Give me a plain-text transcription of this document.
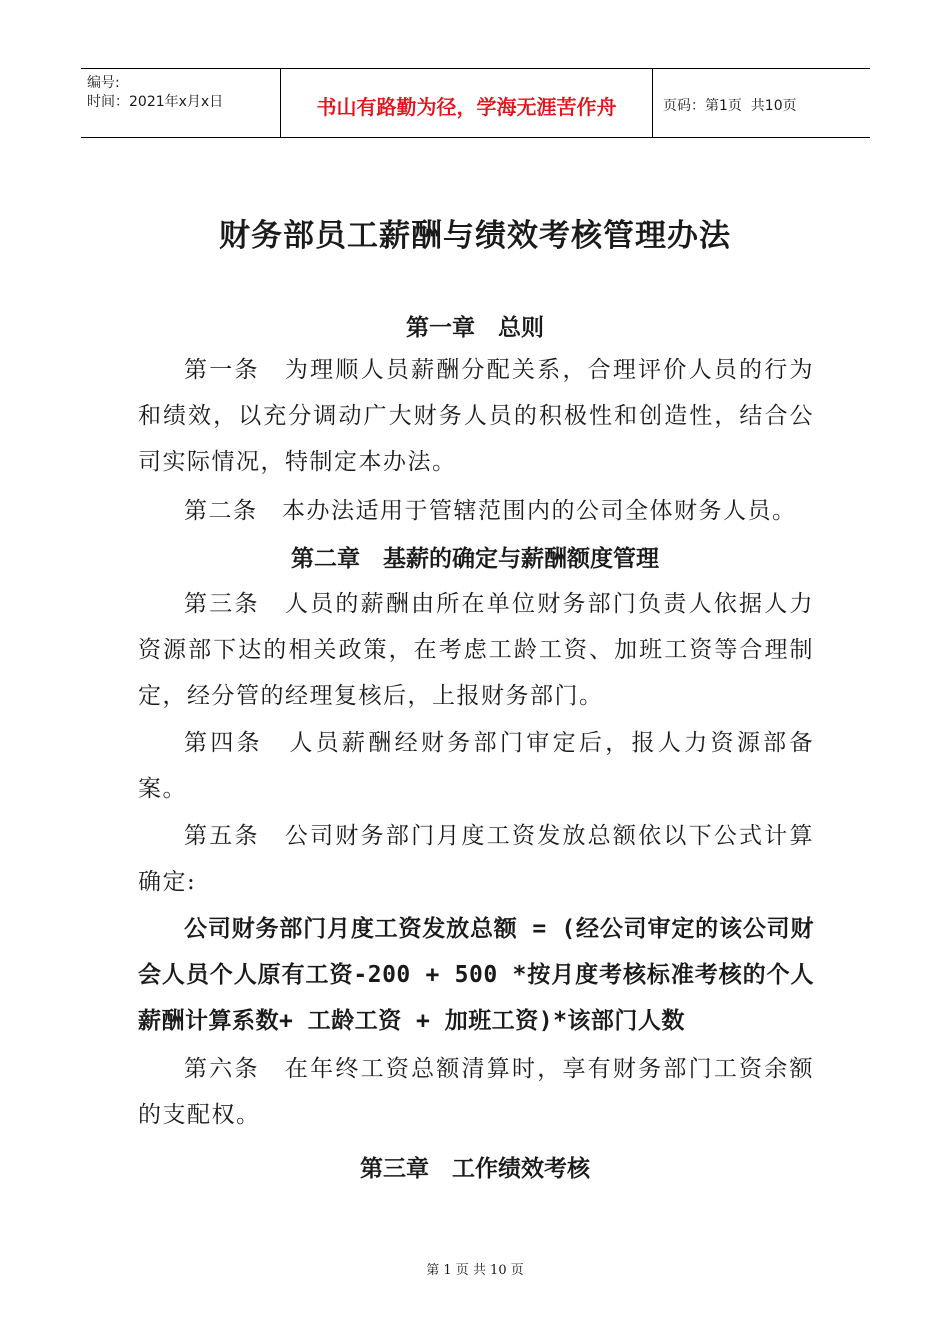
编号:
时间：2021年x月x日	书山有路勤为径，学海无涯苦作舟	页码：第1页  共10页
财务部员工薪酬与绩效考核管理办法
第一章　总则
第一条　 为理顺人员薪酬分配关系，合理评价人员的行为和绩效，以充分调动广大财务人员的积极性和创造性，结合公司实际情况，特制定本办法。
第二条　 本办法适用于管辖范围内的公司全体财务人员。
第二章　基薪的确定与薪酬额度管理
第三条　 人员的薪酬由所在单位财务部门负责人依据人力资源部下达的相关政策，在考虑工龄工资、加班工资等合理制定，经分管的经理复核后，上报财务部门。
第四条　 人员薪酬经财务部门审定后，报人力资源部备案。
第五条　 公司财务部门月度工资发放总额依以下公式计算确定:
公司财务部门月度工资发放总额 = (经公司审定的该公司财会人员个人原有工资-200 + 500 *按月度考核标准考核的个人薪酬计算系数+ 工龄工资 + 加班工资)*该部门人数
第六条　 在年终工资总额清算时，享有财务部门工资余额的支配权。
第三章　工作绩效考核
第 1 页 共 10 页
